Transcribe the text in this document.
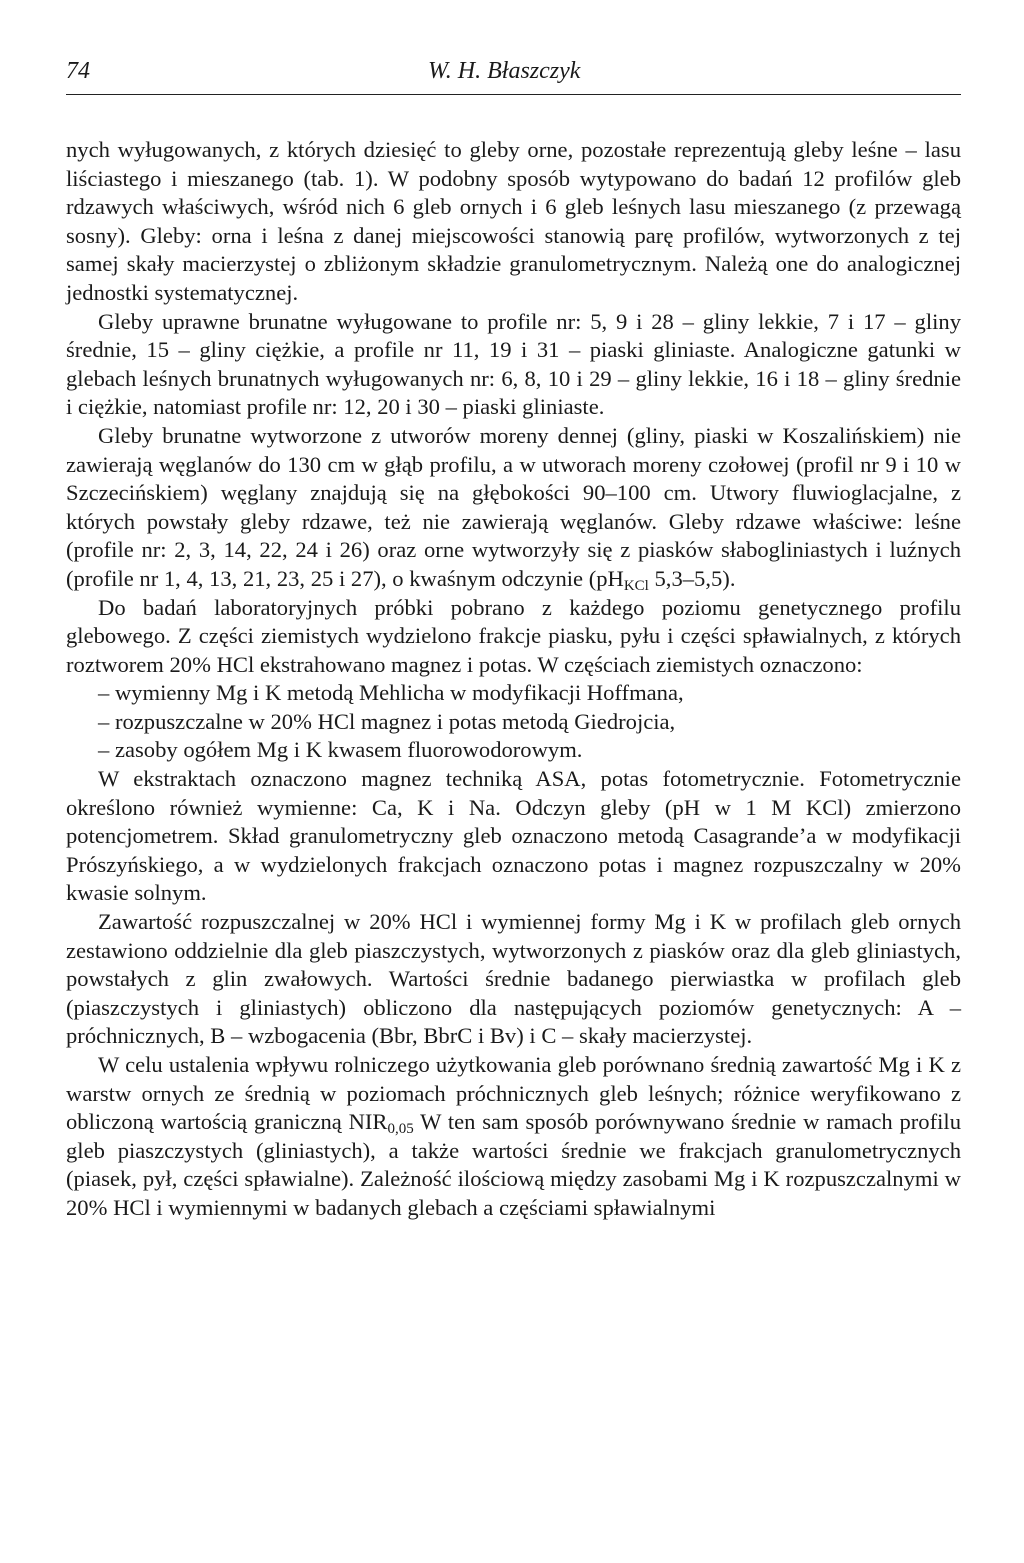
74	W. H. Błaszczyk

nych wyługowanych, z których dziesięć to gleby orne, pozostałe reprezentują gleby leśne – lasu liściastego i mieszanego (tab. 1). W podobny sposób wytypowano do badań 12 profilów gleb rdzawych właściwych, wśród nich 6 gleb ornych i 6 gleb leśnych lasu mieszanego (z przewagą sosny). Gleby: orna i leśna z danej miejscowości stanowią parę profilów, wytworzonych z tej samej skały macierzystej o zbliżonym składzie granulometrycznym. Należą one do analogicznej jednostki systematycznej.

Gleby uprawne brunatne wyługowane to profile nr: 5, 9 i 28 – gliny lekkie, 7 i 17 – gliny średnie, 15 – gliny ciężkie, a profile nr 11, 19 i 31 – piaski gliniaste. Analogiczne gatunki w glebach leśnych brunatnych wyługowanych nr: 6, 8, 10 i 29 – gliny lekkie, 16 i 18 – gliny średnie i ciężkie, natomiast profile nr: 12, 20 i 30 – piaski gliniaste.

Gleby brunatne wytworzone z utworów moreny dennej (gliny, piaski w Koszalińskiem) nie zawierają węglanów do 130 cm w głąb profilu, a w utworach moreny czołowej (profil nr 9 i 10 w Szczecińskiem) węglany znajdują się na głębokości 90–100 cm. Utwory fluwioglacjalne, z których powstały gleby rdzawe, też nie zawierają węglanów. Gleby rdzawe właściwe: leśne (profile nr: 2, 3, 14, 22, 24 i 26) oraz orne wytworzyły się z piasków słabogliniastych i luźnych (profile nr 1, 4, 13, 21, 23, 25 i 27), o kwaśnym odczynie ($pH_{KCl}$ 5,3–5,5).

Do badań laboratoryjnych próbki pobrano z każdego poziomu genetycznego profilu glebowego. Z części ziemistych wydzielono frakcje piasku, pyłu i części spławialnych, z których roztworem 20% HCl ekstrahowano magnez i potas. W częściach ziemistych oznaczono:

– wymienny Mg i K metodą Mehlicha w modyfikacji Hoffmana,
– rozpuszczalne w 20% HCl magnez i potas metodą Giedrojcia,
– zasoby ogółem Mg i K kwasem fluorowodorowym.

W ekstraktach oznaczono magnez techniką ASA, potas fotometrycznie. Fotometrycznie określono również wymienne: Ca, K i Na. Odczyn gleby (pH w 1 M KCl) zmierzono potencjometrem. Skład granulometryczny gleb oznaczono metodą Casagrande’a w modyfikacji Prószyńskiego, a w wydzielonych frakcjach oznaczono potas i magnez rozpuszczalny w 20% kwasie solnym.

Zawartość rozpuszczalnej w 20% HCl i wymiennej formy Mg i K w profilach gleb ornych zestawiono oddzielnie dla gleb piaszczystych, wytworzonych z piasków oraz dla gleb gliniastych, powstałych z glin zwałowych. Wartości średnie badanego pierwiastka w profilach gleb (piaszczystych i gliniastych) obliczono dla następujących poziomów genetycznych: A – próchnicznych, B – wzbogacenia (Bbr, BbrC i Bv) i C – skały macierzystej.

W celu ustalenia wpływu rolniczego użytkowania gleb porównano średnią zawartość Mg i K z warstw ornych ze średnią w poziomach próchnicznych gleb leśnych; różnice weryfikowano z obliczoną wartością graniczną $NIR_{0,05}$ W ten sam sposób porównywano średnie w ramach profilu gleb piaszczystych (gliniastych), a także wartości średnie we frakcjach granulometrycznych (piasek, pył, części spławialne). Zależność ilościową między zasobami Mg i K rozpuszczalnymi w 20% HCl i wymiennymi w badanych glebach a częściami spławialnymi
